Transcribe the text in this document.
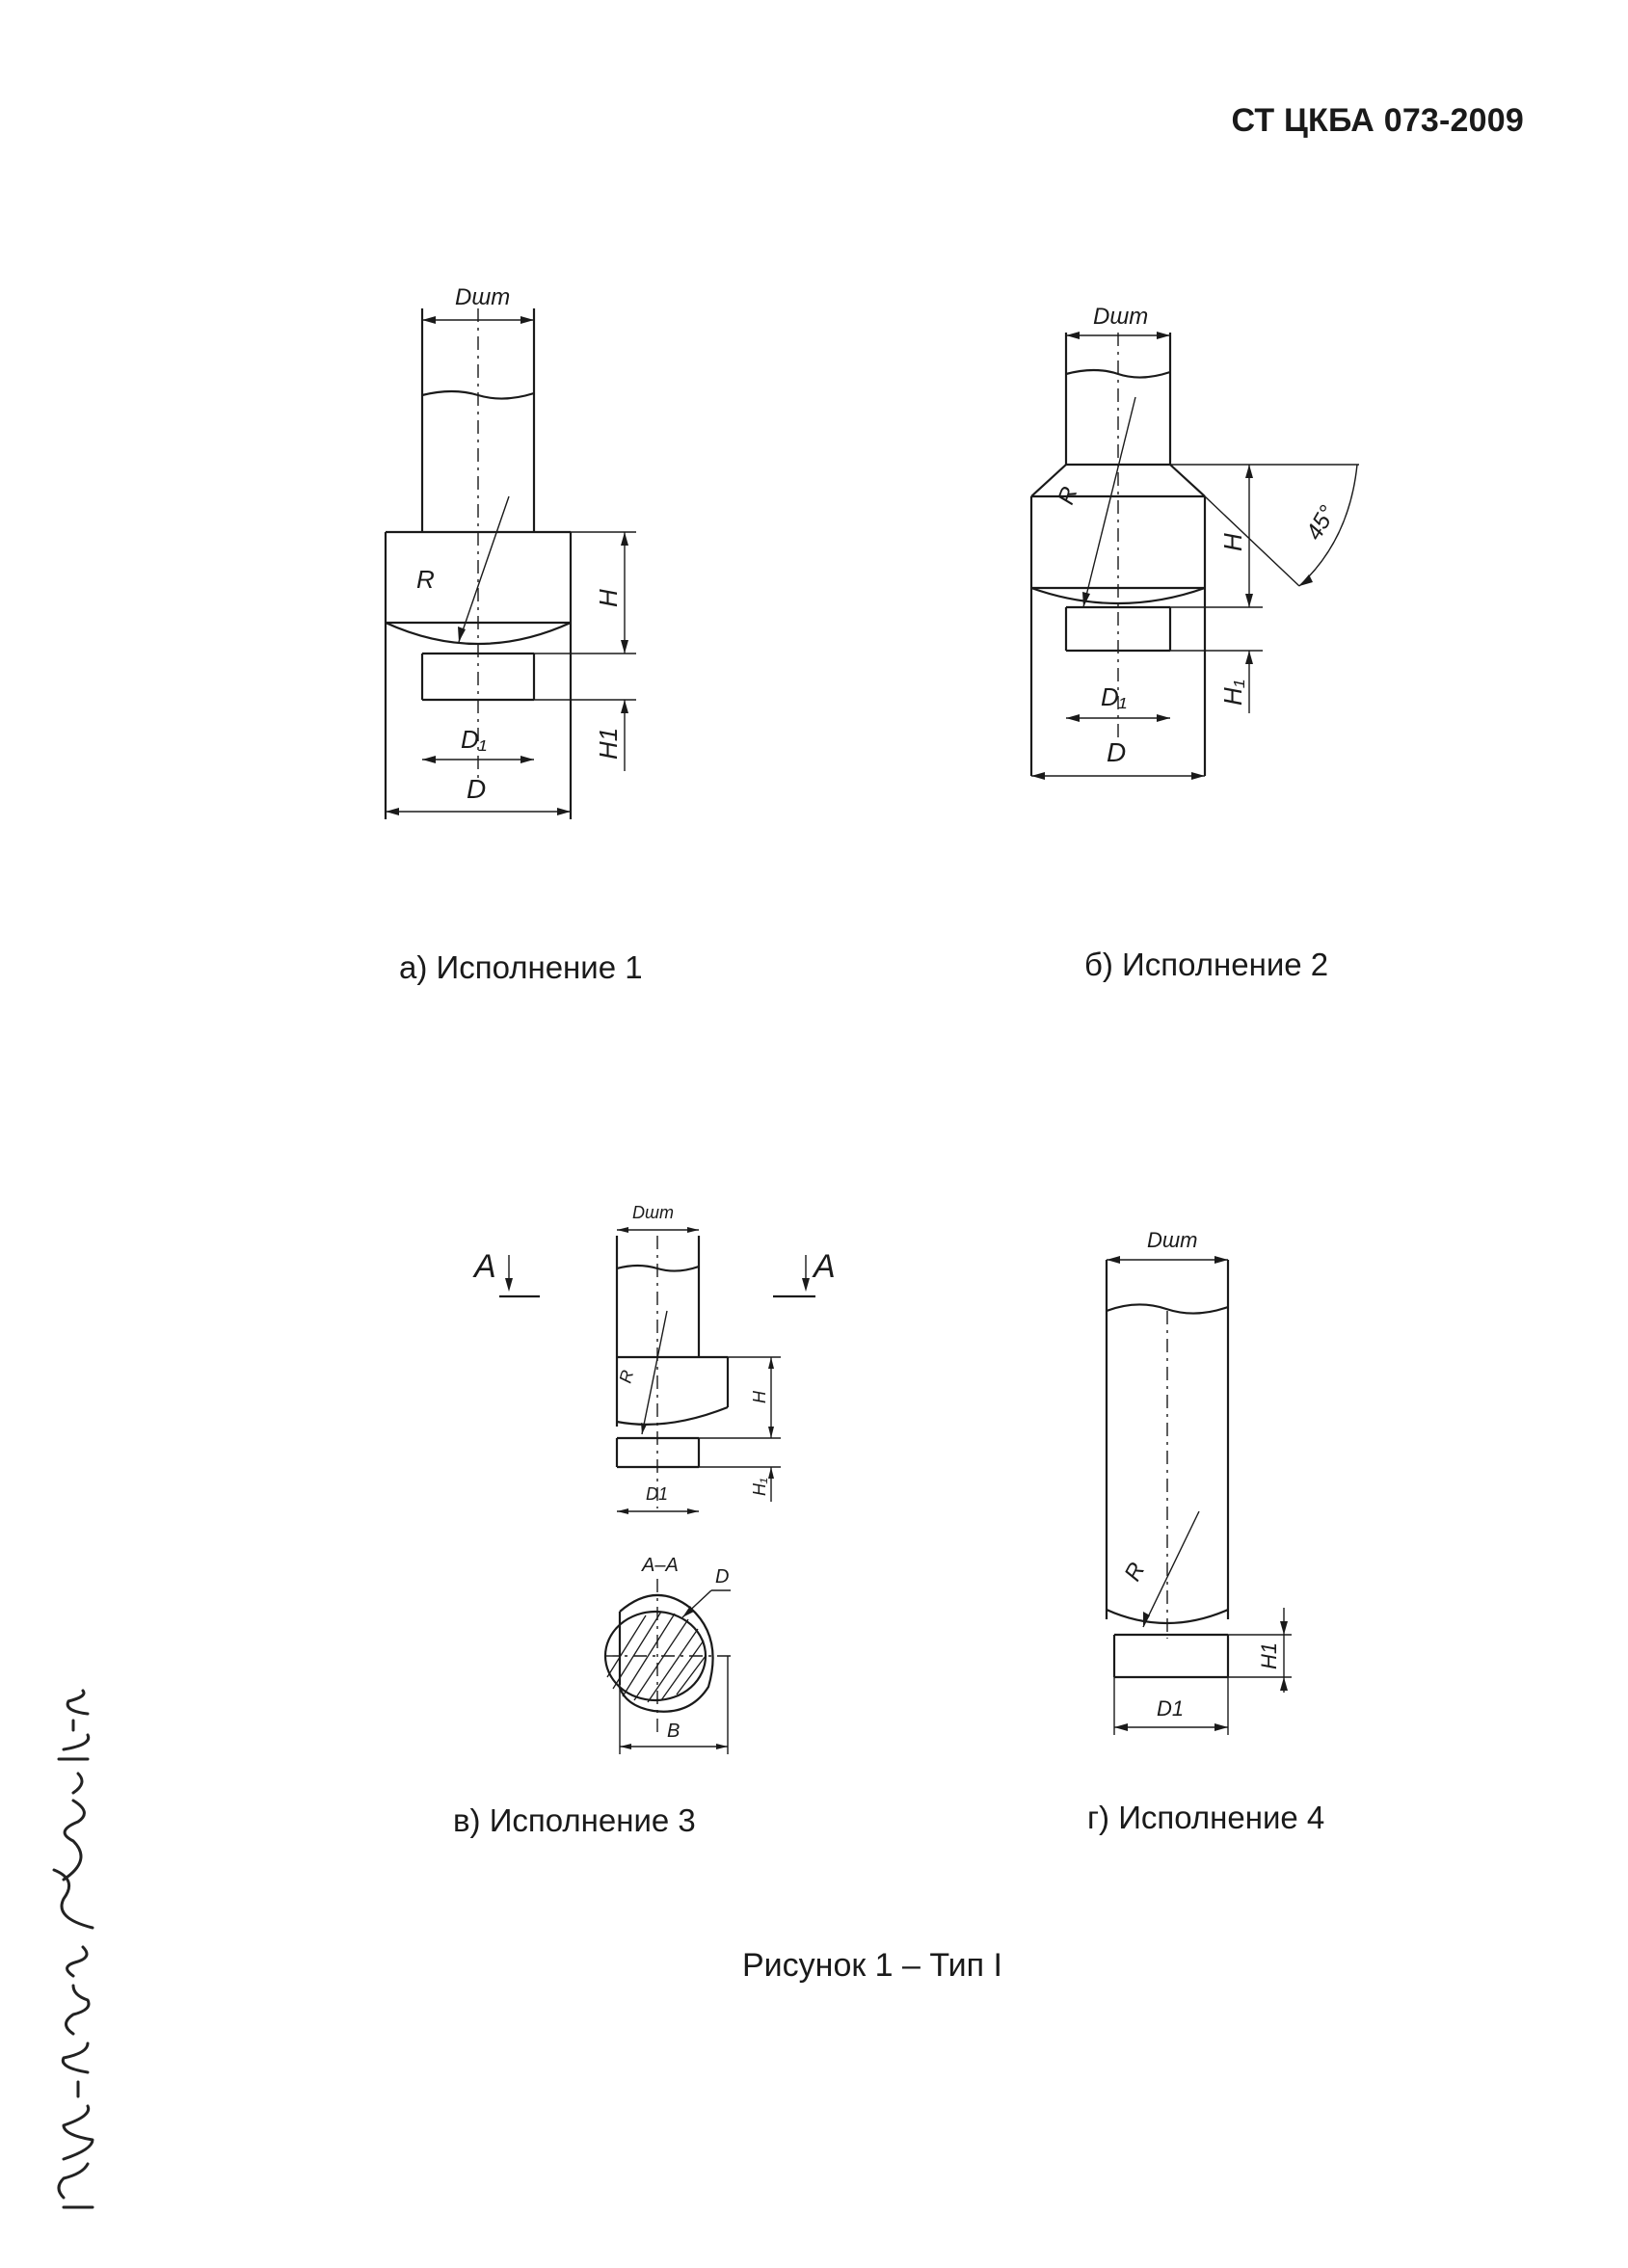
СТ ЦКБА 073-2009
Dшт
R
H
H1
D₁
D
а) Исполнение 1
Dшт
R
H
H₁
45°
D₁
D
б) Исполнение 2
А	А
Dшт
R
H
H₁
D1
А–А
D
B
в) Исполнение 3
Dшт
R
H1
D1
г) Исполнение 4
Рисунок 1 – Тип I
